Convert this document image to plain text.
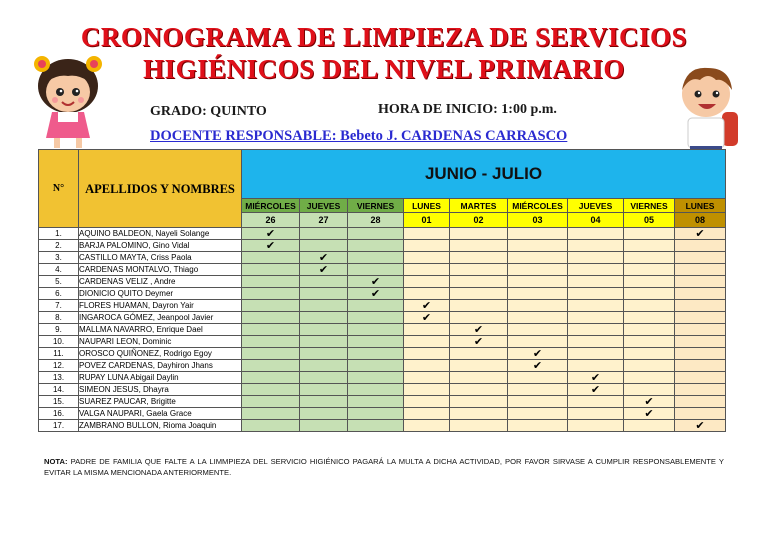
CRONOGRAMA DE LIMPIEZA DE SERVICIOS
HIGIÉNICOS DEL NIVEL PRIMARIO
GRADO: QUINTO	HORA DE INICIO: 1:00 p.m.
DOCENTE RESPONSABLE: Bebeto J. CARDENAS CARRASCO
N°	APELLIDOS Y NOMBRES	JUNIO - JULIO								
		MIÉRCOLES	JUEVES	VIERNES	LUNES	MARTES	MIÉRCOLES	JUEVES	VIERNES	LUNES
		26	27	28	01	02	03	04	05	08
1.	AQUINO BALDEON, Nayeli Solange	✔								✔
2.	BARJA PALOMINO, Gino Vidal	✔								
3.	CASTILLO MAYTA, Criss Paola		✔							
4.	CARDENAS MONTALVO, Thiago		✔							
5.	CARDENAS VELIZ , Andre			✔						
6.	DIONICIO QUITO Deymer			✔						
7.	FLORES HUAMAN, Dayron Yair				✔					
8.	INGAROCA GÓMEZ, Jeanpool Javier				✔					
9.	MALLMA NAVARRO, Enrique Dael					✔				
10.	NAUPARI LEON, Dominic					✔				
11.	OROSCO QUIÑONEZ, Rodrigo Egoy						✔			
12.	POVEZ CARDENAS, Dayhiron Jhans						✔			
13.	RUPAY LUNA Abigail Daylin							✔		
14.	SIMEON JESUS, Dhayra							✔		
15.	SUAREZ PAUCAR, Brigitte								✔	
16.	VALGA NAUPARI, Gaela Grace								✔	
17.	ZAMBRANO BULLON, Rioma Joaquin									✔
NOTA: PADRE DE FAMILIA QUE FALTE A LA LIMMPIEZA DEL SERVICIO HIGIÉNICO PAGARÁ LA MULTA A DICHA ACTIVIDAD, POR FAVOR SIRVASE A CUMPLIR RESPONSABLEMENTE Y EVITAR LA MISMA MENCIONADA ANTERIORMENTE.
